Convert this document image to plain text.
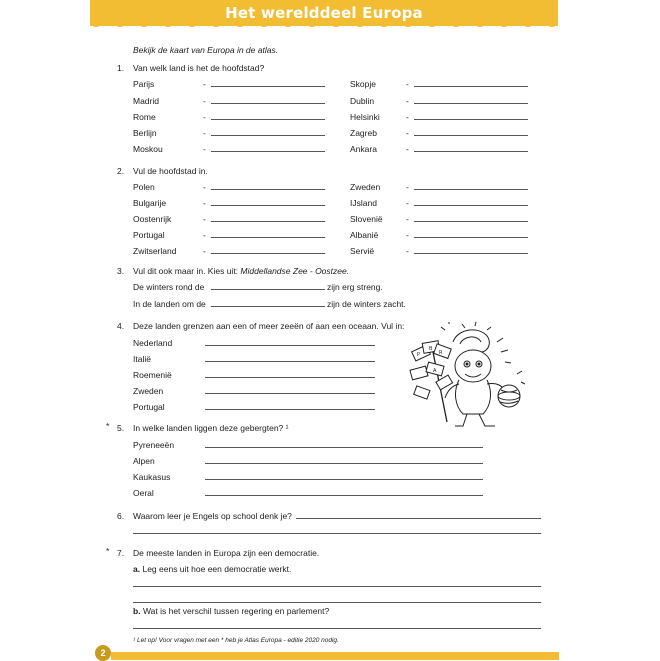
Het werelddeel Europa
Bekijk de kaart van Europa in de atlas.
1. Van welk land is het de hoofdstad?
Parijs
Madrid
Rome
Berlijn
Moskou
Skopje
Dublin
Helsinki
Zagreb
Ankara
-
-
-
-
-
-
-
-
-
-
2. Vul de hoofdstad in.
Polen
Bulgarije
Oostenrijk
Portugal
Zwitserland
Zweden
IJsland
Slovenië
Albanië
Servië
-
-
-
-
-
-
-
-
-
-
3. Vul dit ook maar in. Kies uit: Middellandse Zee - Oostzee.
De winters rond de	zijn erg streng.
In de landen om de	zijn de winters zacht.
4. Deze landen grenzen aan een of meer zeeën of aan een oceaan. Vul in:
Nederland
Italië
Roemenië
Zweden
Portugal
P
B
R
A
* 5. In welke landen liggen deze gebergten? ¹
Pyreneeën
Alpen
Kaukasus
Oeral
6. Waarom leer je Engels op school denk je?
* 7. De meeste landen in Europa zijn een democratie.
a. Leg eens uit hoe een democratie werkt.
b. Wat is het verschil tussen regering en parlement?
¹ Let op! Voor vragen met een * heb je Atlas Europa - editie 2020 nodig.
2
